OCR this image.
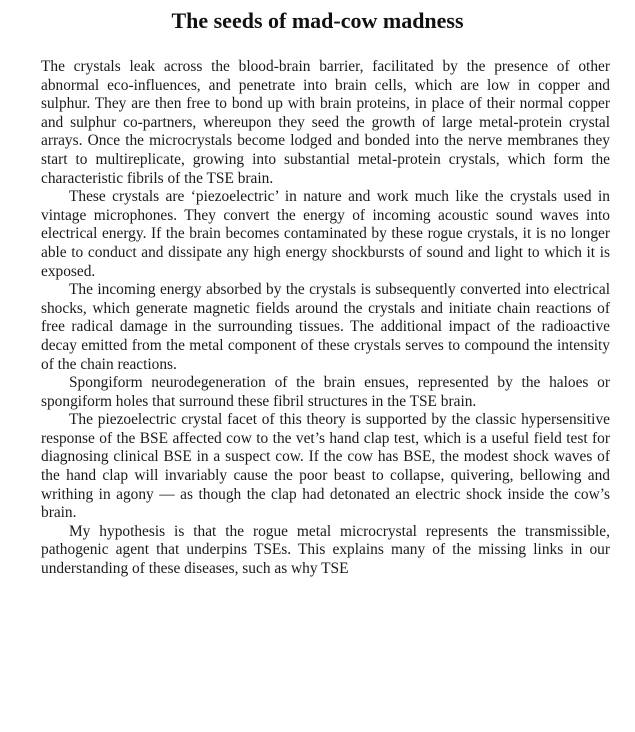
The seeds of mad-cow madness

The crystals leak across the blood-brain barrier, facilitated by the presence of other abnormal eco-influences, and penetrate into brain cells, which are low in copper and sulphur. They are then free to bond up with brain proteins, in place of their normal copper and sulphur co-partners, whereupon they seed the growth of large metal-protein crystal arrays. Once the microcrystals become lodged and bonded into the nerve membranes they start to multireplicate, growing into substantial metal-protein crystals, which form the characteristic fibrils of the TSE brain.

These crystals are ‘piezoelectric’ in nature and work much like the crystals used in vintage microphones. They convert the energy of incoming acoustic sound waves into electrical energy. If the brain becomes contaminated by these rogue crystals, it is no longer able to conduct and dissipate any high energy shockbursts of sound and light to which it is exposed.

The incoming energy absorbed by the crystals is subsequently converted into electrical shocks, which generate magnetic fields around the crystals and initiate chain reactions of free radical damage in the surrounding tissues. The additional impact of the radioactive decay emitted from the metal component of these crystals serves to compound the intensity of the chain reactions.

Spongiform neurodegeneration of the brain ensues, represented by the haloes or spongiform holes that surround these fibril structures in the TSE brain.

The piezoelectric crystal facet of this theory is supported by the classic hypersensitive response of the BSE affected cow to the vet’s hand clap test, which is a useful field test for diagnosing clinical BSE in a suspect cow. If the cow has BSE, the modest shock waves of the hand clap will invariably cause the poor beast to collapse, quivering, bellowing and writhing in agony — as though the clap had detonated an electric shock inside the cow’s brain.

My hypothesis is that the rogue metal microcrystal represents the transmissible, pathogenic agent that underpins TSEs. This explains many of the missing links in our understanding of these diseases, such as why TSE
